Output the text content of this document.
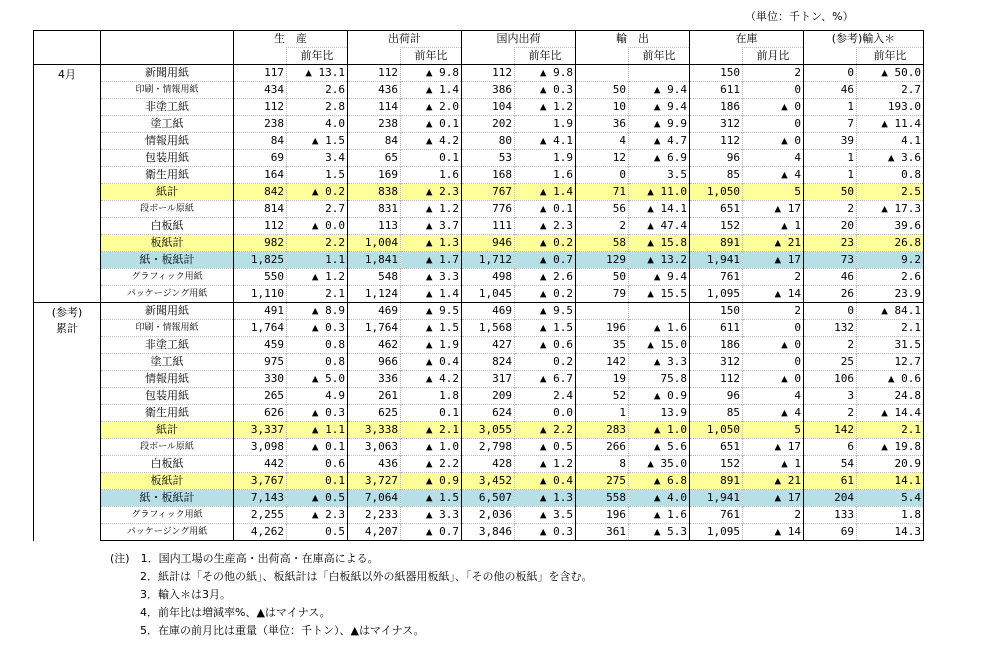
（単位：千トン、%）
		生　産		出荷計		国内出荷		輸　出		在庫		(参考)輸入＊	
			前年比		前年比		前年比		前年比		前月比		前年比
4月	新聞用紙	117	▲ 13.1	112	▲ 9.8	112	▲ 9.8			150	2	0	▲ 50.0
	印刷・情報用紙	434	2.6	436	▲ 1.4	386	▲ 0.3	50	▲ 9.4	611	0	46	2.7
	非塗工紙	112	2.8	114	▲ 2.0	104	▲ 1.2	10	▲ 9.4	186	▲ 0	1	193.0
	塗工紙	238	4.0	238	▲ 0.1	202	1.9	36	▲ 9.9	312	0	7	▲ 11.4
	情報用紙	84	▲ 1.5	84	▲ 4.2	80	▲ 4.1	4	▲ 4.7	112	▲ 0	39	4.1
	包装用紙	69	3.4	65	0.1	53	1.9	12	▲ 6.9	96	4	1	▲ 3.6
	衛生用紙	164	1.5	169	1.6	168	1.6	0	3.5	85	▲ 4	1	0.8
	紙計	842	▲ 0.2	838	▲ 2.3	767	▲ 1.4	71	▲ 11.0	1,050	5	50	2.5
	段ボール原紙	814	2.7	831	▲ 1.2	776	▲ 0.1	56	▲ 14.1	651	▲ 17	2	▲ 17.3
	白板紙	112	▲ 0.0	113	▲ 3.7	111	▲ 2.3	2	▲ 47.4	152	▲ 1	20	39.6
	板紙計	982	2.2	1,004	▲ 1.3	946	▲ 0.2	58	▲ 15.8	891	▲ 21	23	26.8
	紙・板紙計	1,825	1.1	1,841	▲ 1.7	1,712	▲ 0.7	129	▲ 13.2	1,941	▲ 17	73	9.2
	グラフィック用紙	550	▲ 1.2	548	▲ 3.3	498	▲ 2.6	50	▲ 9.4	761	2	46	2.6
	パッケージング用紙	1,110	2.1	1,124	▲ 1.4	1,045	▲ 0.2	79	▲ 15.5	1,095	▲ 14	26	23.9
(参考)
累計	新聞用紙	491	▲ 8.9	469	▲ 9.5	469	▲ 9.5			150	2	0	▲ 84.1
	印刷・情報用紙	1,764	▲ 0.3	1,764	▲ 1.5	1,568	▲ 1.5	196	▲ 1.6	611	0	132	2.1
	非塗工紙	459	0.8	462	▲ 1.9	427	▲ 0.6	35	▲ 15.0	186	▲ 0	2	31.5
	塗工紙	975	0.8	966	▲ 0.4	824	0.2	142	▲ 3.3	312	0	25	12.7
	情報用紙	330	▲ 5.0	336	▲ 4.2	317	▲ 6.7	19	75.8	112	▲ 0	106	▲ 0.6
	包装用紙	265	4.9	261	1.8	209	2.4	52	▲ 0.9	96	4	3	24.8
	衛生用紙	626	▲ 0.3	625	0.1	624	0.0	1	13.9	85	▲ 4	2	▲ 14.4
	紙計	3,337	▲ 1.1	3,338	▲ 2.1	3,055	▲ 2.2	283	▲ 1.0	1,050	5	142	2.1
	段ボール原紙	3,098	▲ 0.1	3,063	▲ 1.0	2,798	▲ 0.5	266	▲ 5.6	651	▲ 17	6	▲ 19.8
	白板紙	442	0.6	436	▲ 2.2	428	▲ 1.2	8	▲ 35.0	152	▲ 1	54	20.9
	板紙計	3,767	0.1	3,727	▲ 0.9	3,452	▲ 0.4	275	▲ 6.8	891	▲ 21	61	14.1
	紙・板紙計	7,143	▲ 0.5	7,064	▲ 1.5	6,507	▲ 1.3	558	▲ 4.0	1,941	▲ 17	204	5.4
	グラフィック用紙	2,255	▲ 2.3	2,233	▲ 3.3	2,036	▲ 3.5	196	▲ 1.6	761	2	133	1.8
	パッケージング用紙	4,262	0.5	4,207	▲ 0.7	3,846	▲ 0.3	361	▲ 5.3	1,095	▲ 14	69	14.3
(注)　1．国内工場の生産高・出荷高・在庫高による。
2．紙計は「その他の紙」、板紙計は「白板紙以外の紙器用板紙」、「その他の板紙」を含む。
3．輸入＊は3月。
4．前年比は増減率%、▲はマイナス。
5．在庫の前月比は重量（単位：千トン）、▲はマイナス。
